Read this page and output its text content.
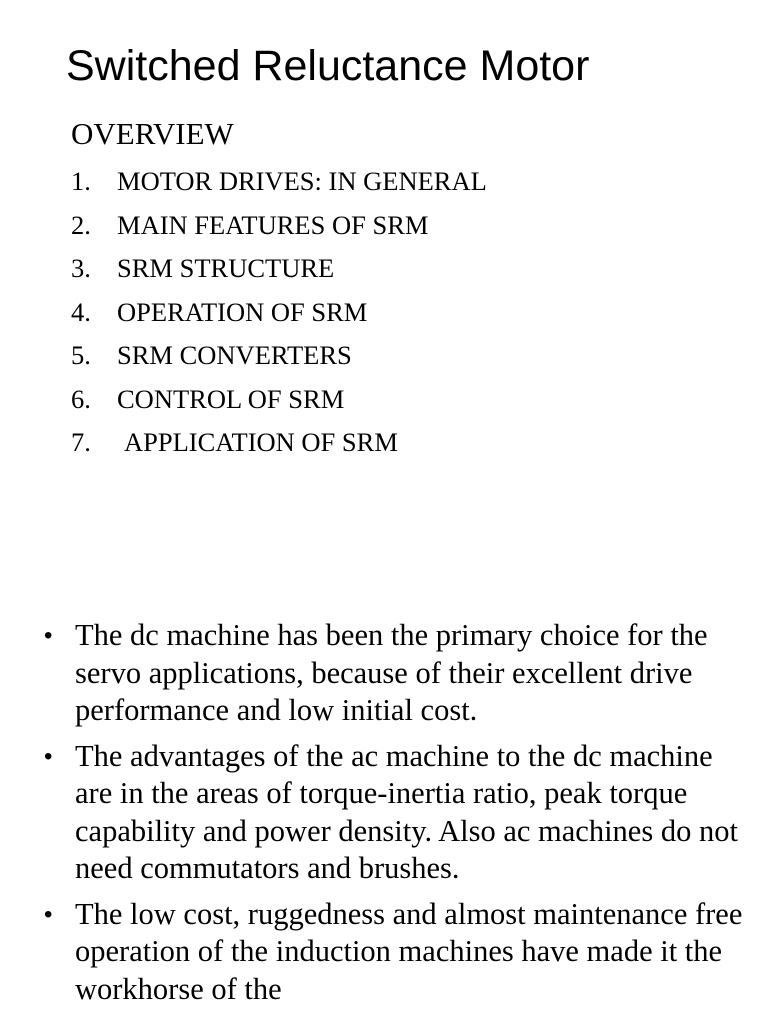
Switched Reluctance Motor
OVERVIEW
1. MOTOR DRIVES: IN GENERAL
2. MAIN FEATURES OF SRM
3. SRM STRUCTURE
4. OPERATION OF SRM
5. SRM CONVERTERS
6. CONTROL OF SRM
7. APPLICATION OF SRM
• The dc machine has been the primary choice for the servo applications, because of their excellent drive performance and low initial cost.
• The advantages of the ac machine to the dc machine are in the areas of torque-inertia ratio, peak torque capability and power density. Also ac machines do not need commutators and brushes.
• The low cost, ruggedness and almost maintenance free operation of the induction machines have made it the workhorse of the
